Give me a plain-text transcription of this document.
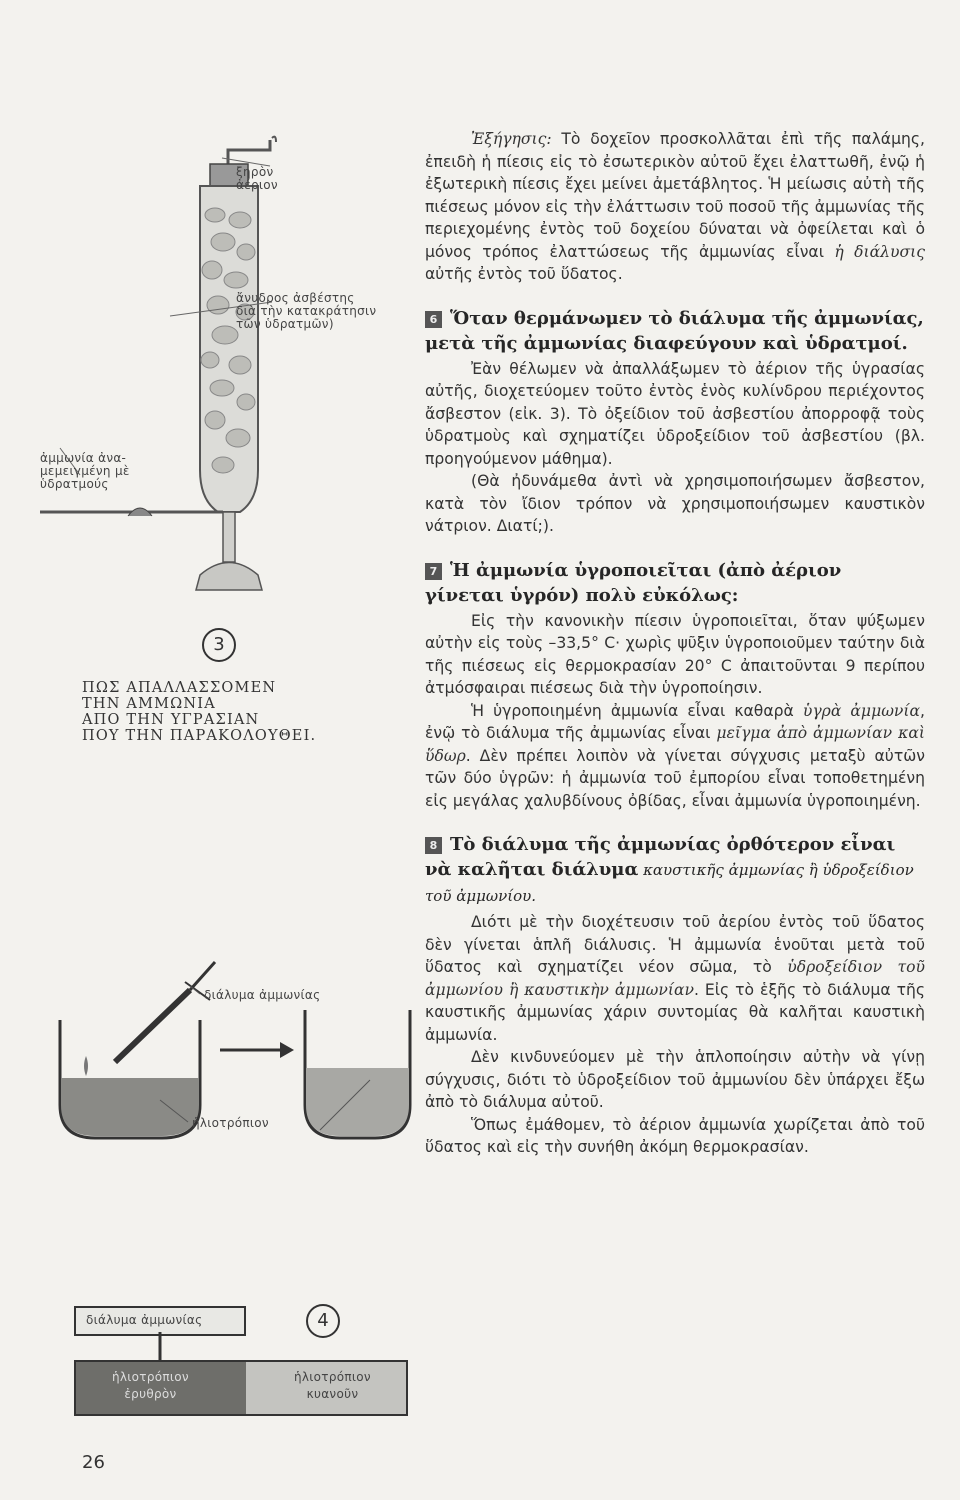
ξηρὸν
ἀέριον
ἄνυδρος ἀσβέστης
διὰ τὴν κατακράτησιν
τῶν ὑδρατμῶν)
ἀμμωνία ἀνα-
μεμειγμένη μὲ
ὑδρατμούς
3
ΠΩΣ ΑΠΑΛΛΑΣΣΟΜΕΝ
ΤΗΝ ΑΜΜΩΝΙΑ
ΑΠΟ ΤΗΝ ΥΓΡΑΣΙΑΝ
ΠΟΥ ΤΗΝ ΠΑΡΑΚΟΛΟΥΘΕΙ.
διάλυμα ἀμμωνίας
ἡλιοτρόπιον
διάλυμα ἀμμωνίας
ἡλιοτρόπιον
ἐρυθρὸν
ἡλιοτρόπιον
κυανοῦν
4
26

Ἐξήγησις: Τὸ δοχεῖον προσκολλᾶται ἐπὶ τῆς παλάμης, ἐπειδὴ ἡ πίεσις εἰς τὸ ἐσωτερικὸν αὐτοῦ ἔχει ἐλαττωθῆ, ἐνῷ ἡ ἐξωτερικὴ πίεσις ἔχει μείνει ἀμετάβλητος. Ἡ μείωσις αὐτὴ τῆς πιέσεως μόνον εἰς τὴν ἐλάττωσιν τοῦ ποσοῦ τῆς ἀμμωνίας τῆς περιεχομένης ἐντὸς τοῦ δοχείου δύναται νὰ ὀφείλεται καὶ ὁ μόνος τρόπος ἐλαττώσεως τῆς ἀμμωνίας εἶναι ἡ διάλυσις αὐτῆς ἐντὸς τοῦ ὕδατος.

6 Ὅταν θερμάνωμεν τὸ διάλυμα τῆς ἀμμωνίας, μετὰ τῆς ἀμμωνίας διαφεύγουν καὶ ὑδρατμοί.

Ἐὰν θέλωμεν νὰ ἀπαλλάξωμεν τὸ ἀέριον τῆς ὑγρασίας αὐτῆς, διοχετεύομεν τοῦτο ἐντὸς ἑνὸς κυλίνδρου περιέχοντος ἄσβεστον (εἰκ. 3). Τὸ ὀξείδιον τοῦ ἀσβεστίου ἀπορροφᾷ τοὺς ὑδρατμοὺς καὶ σχηματίζει ὑδροξείδιον τοῦ ἀσβεστίου (βλ. προηγούμενον μάθημα).

(Θὰ ἠδυνάμεθα ἀντὶ νὰ χρησιμοποιήσωμεν ἄσβεστον, κατὰ τὸν ἴδιον τρόπον νὰ χρησιμοποιήσωμεν καυστικὸν νάτριον. Διατί;).

7 Ἡ ἀμμωνία ὑγροποιεῖται (ἀπὸ ἀέριον γίνεται ὑγρόν) πολὺ εὐκόλως:

Εἰς τὴν κανονικὴν πίεσιν ὑγροποιεῖται, ὅταν ψύξωμεν αὐτὴν εἰς τοὺς –33,5° C· χωρὶς ψῦξιν ὑγροποιοῦμεν ταύτην διὰ τῆς πιέσεως εἰς θερμοκρασίαν 20° C ἀπαιτοῦνται 9 περίπου ἀτμόσφαιραι πιέσεως διὰ τὴν ὑγροποίησιν.

Ἡ ὑγροποιημένη ἀμμωνία εἶναι καθαρὰ ὑγρὰ ἀμμωνία, ἐνῷ τὸ διάλυμα τῆς ἀμμωνίας εἶναι μεῖγμα ἀπὸ ἀμμωνίαν καὶ ὕδωρ. Δὲν πρέπει λοιπὸν νὰ γίνεται σύγχυσις μεταξὺ αὐτῶν τῶν δύο ὑγρῶν: ἡ ἀμμωνία τοῦ ἐμπορίου εἶναι τοποθετημένη εἰς μεγάλας χαλυβδίνους ὀβίδας, εἶναι ἀμμωνία ὑγροποιημένη.

8 Τὸ διάλυμα τῆς ἀμμωνίας ὀρθότερον εἶναι νὰ καλῆται διάλυμα καυστικῆς ἀμμωνίας ἢ ὑδροξείδιον τοῦ ἀμμωνίου.

Διότι μὲ τὴν διοχέτευσιν τοῦ ἀερίου ἐντὸς τοῦ ὕδατος δὲν γίνεται ἁπλῆ διάλυσις. Ἡ ἀμμωνία ἑνοῦται μετὰ τοῦ ὕδατος καὶ σχηματίζει νέον σῶμα, τὸ ὑδροξείδιον τοῦ ἀμμωνίου ἢ καυστικὴν ἀμμωνίαν. Εἰς τὸ ἑξῆς τὸ διάλυμα τῆς καυστικῆς ἀμμωνίας χάριν συντομίας θὰ καλῆται καυστικὴ ἀμμωνία.

Δὲν κινδυνεύομεν μὲ τὴν ἁπλοποίησιν αὐτὴν νὰ γίνῃ σύγχυσις, διότι τὸ ὑδροξείδιον τοῦ ἀμμωνίου δὲν ὑπάρχει ἔξω ἀπὸ τὸ διάλυμα αὐτοῦ.

Ὅπως ἐμάθομεν, τὸ ἀέριον ἀμμωνία χωρίζεται ἀπὸ τοῦ ὕδατος καὶ εἰς τὴν συνήθη ἀκόμη θερμοκρασίαν.
